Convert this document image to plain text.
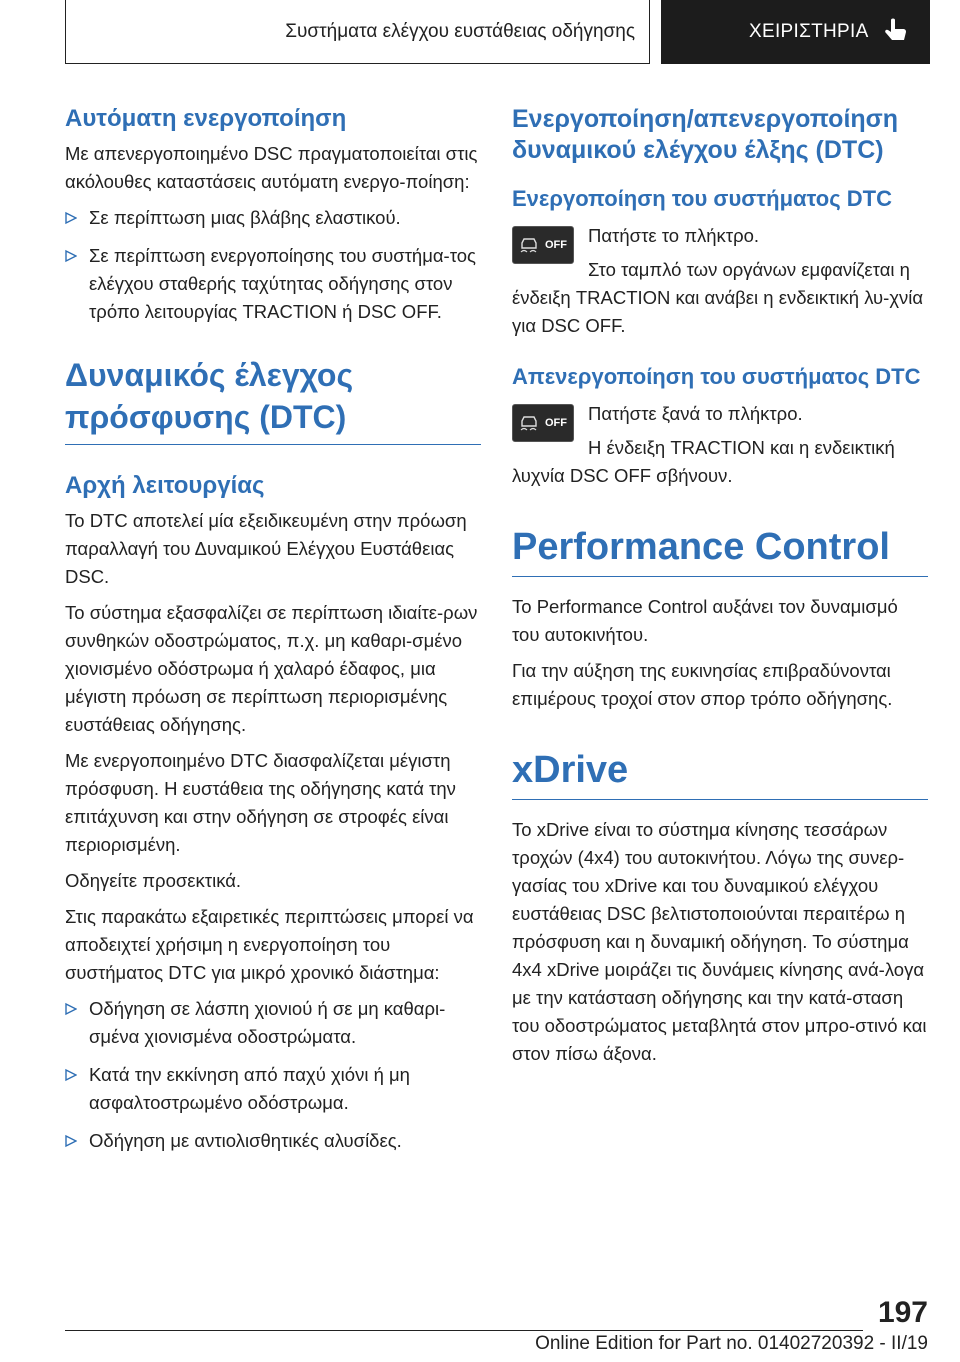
Συστήματα ελέγχου ευστάθειας οδήγησης	ΧΕΙΡΙΣΤΗΡΙΑ
Αυτόματη ενεργοποίηση
Με απενεργοποιημένο DSC πραγματοποιείται στις ακόλουθες καταστάσεις αυτόματη ενεργο‐ποίηση:
Σε περίπτωση μιας βλάβης ελαστικού.
Σε περίπτωση ενεργοποίησης του συστήμα‐τος ελέγχου σταθερής ταχύτητας οδήγησης στον τρόπο λειτουργίας TRACTION ή DSC OFF.
Δυναμικός έλεγχος πρόσφυσης (DTC)
Αρχή λειτουργίας
Το DTC αποτελεί μία εξειδικευμένη στην πρόωση παραλλαγή του Δυναμικού Ελέγχου Ευστάθειας DSC.
Το σύστημα εξασφαλίζει σε περίπτωση ιδιαίτε‐ρων συνθηκών οδοστρώματος, π.χ. μη καθαρι‐σμένο χιονισμένο οδόστρωμα ή χαλαρό έδαφος, μια μέγιστη πρόωση σε περίπτωση περιορισμένης ευστάθειας οδήγησης.
Με ενεργοποιημένο DTC διασφαλίζεται μέγιστη πρόσφυση. Η ευστάθεια της οδήγησης κατά την επιτάχυνση και στην οδήγηση σε στροφές είναι περιορισμένη.
Οδηγείτε προσεκτικά.
Στις παρακάτω εξαιρετικές περιπτώσεις μπορεί να αποδειχτεί χρήσιμη η ενεργοποίηση του συστήματος DTC για μικρό χρονικό διάστημα:
Οδήγηση σε λάσπη χιονιού ή σε μη καθαρι‐σμένα χιονισμένα οδοστρώματα.
Κατά την εκκίνηση από παχύ χιόνι ή μη ασφαλτοστρωμένο οδόστρωμα.
Οδήγηση με αντιολισθητικές αλυσίδες.
Ενεργοποίηση/απενεργοποίηση δυναμικού ελέγχου έλξης (DTC)
Ενεργοποίηση του συστήματος DTC
OFF	Πατήστε το πλήκτρο.
Στο ταμπλό των οργάνων εμφανίζεται η ένδειξη TRACTION και ανάβει η ενδεικτική λυ‐χνία για DSC OFF.
Απενεργοποίηση του συστήματος DTC
OFF	Πατήστε ξανά το πλήκτρο.
Η ένδειξη TRACTION και η ενδεικτική λυχνία DSC OFF σβήνουν.
Performance Control
Το Performance Control αυξάνει τον δυναμισμό του αυτοκινήτου.
Για την αύξηση της ευκινησίας επιβραδύνονται επιμέρους τροχοί στον σπορ τρόπο οδήγησης.
xDrive
Το xDrive είναι το σύστημα κίνησης τεσσάρων τροχών (4x4) του αυτοκινήτου. Λόγω της συνερ‐γασίας του xDrive και του δυναμικού ελέγχου ευστάθειας DSC βελτιστοποιούνται περαιτέρω η πρόσφυση και η δυναμική οδήγηση. Το σύστημα 4x4 xDrive μοιράζει τις δυνάμεις κίνησης ανά‐λογα με την κατάσταση οδήγησης και την κατά‐σταση του οδοστρώματος μεταβλητά στον μπρο‐στινό και στον πίσω άξονα.
197
Online Edition for Part no. 01402720392 - II/19
